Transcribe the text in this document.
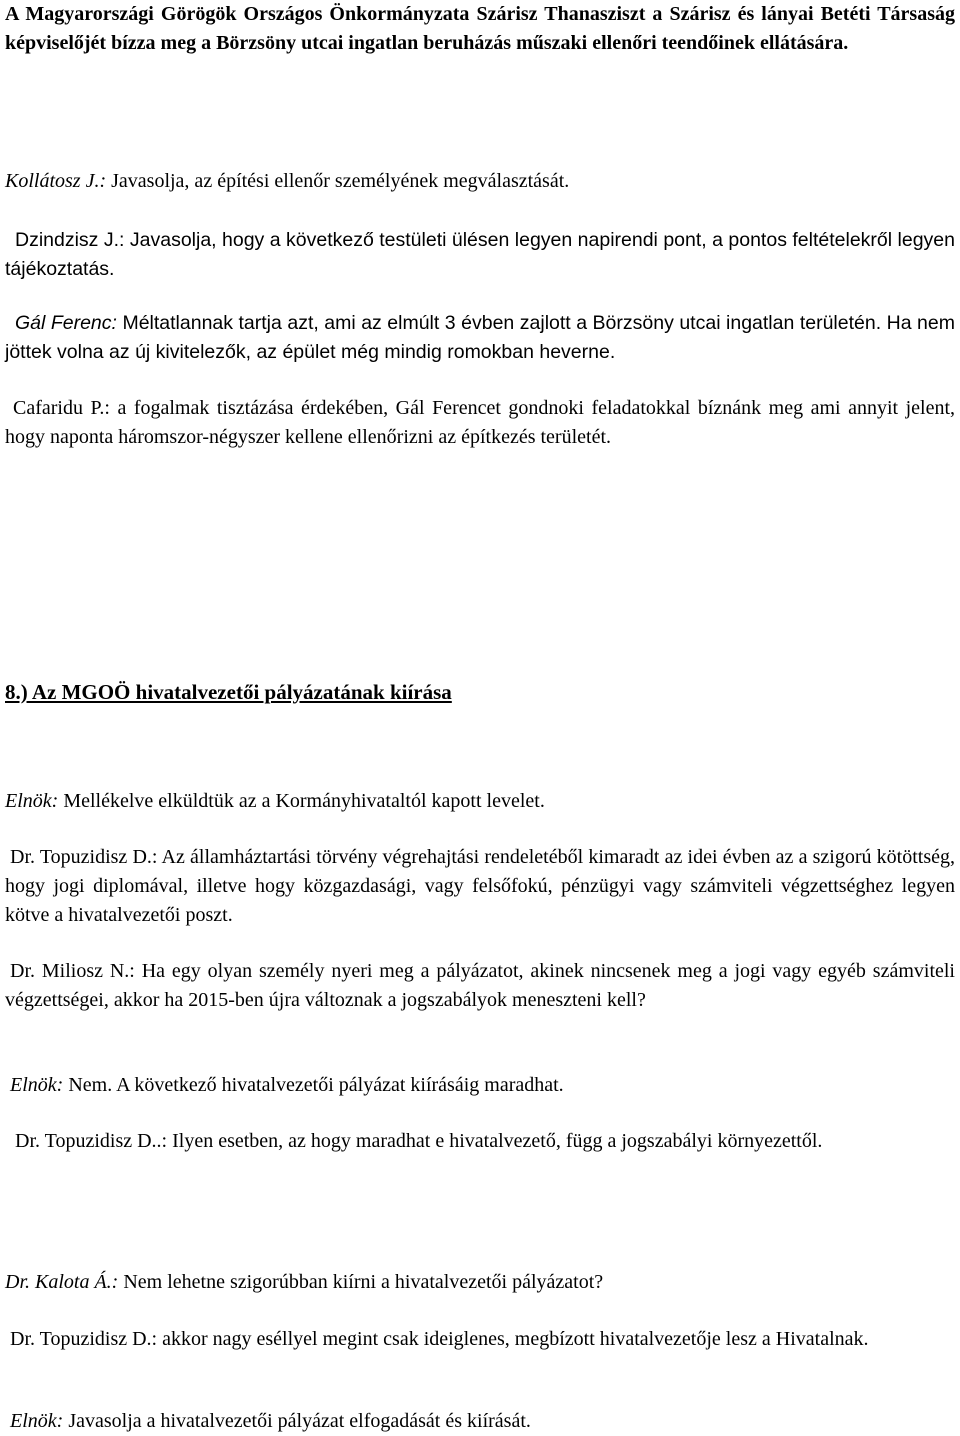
A Magyarországi Görögök Országos Önkormányzata Szárisz Thanasziszt a Szárisz és lányai Betéti Társaság képviselőjét bízza meg a Börzsöny utcai ingatlan beruházás műszaki ellenőri teendőinek ellátására.

Kollátosz J.: Javasolja, az építési ellenőr személyének megválasztását.

Dzindzisz J.: Javasolja, hogy a következő testületi ülésen legyen napirendi pont, a pontos feltételekről legyen tájékoztatás.

Gál Ferenc: Méltatlannak tartja azt, ami az elmúlt 3 évben zajlott a Börzsöny utcai ingatlan területén. Ha nem jöttek volna az új kivitelezők, az épület még mindig romokban heverne.

Cafaridu P.: a fogalmak tisztázása érdekében, Gál Ferencet gondnoki feladatokkal bíznánk meg ami annyit jelent, hogy naponta háromszor-négyszer kellene ellenőrizni az építkezés területét.

8.) Az MGOÖ hivatalvezetői pályázatának kiírása

Elnök: Mellékelve elküldtük az a Kormányhivataltól kapott levelet.

Dr. Topuzidisz D.: Az államháztartási törvény végrehajtási rendeletéből kimaradt az idei évben az a szigorú kötöttség, hogy jogi diplomával, illetve hogy közgazdasági, vagy felsőfokú, pénzügyi vagy számviteli végzettséghez legyen kötve a hivatalvezetői poszt.

Dr. Miliosz N.: Ha egy olyan személy nyeri meg a pályázatot, akinek nincsenek meg a jogi vagy egyéb számviteli végzettségei, akkor ha 2015-ben újra változnak a jogszabályok meneszteni kell?

Elnök: Nem. A következő hivatalvezetői pályázat kiírásáig maradhat.

Dr. Topuzidisz D..: Ilyen esetben, az hogy maradhat e hivatalvezető, függ a jogszabályi környezettől.

Dr. Kalota Á.: Nem lehetne szigorúbban kiírni a hivatalvezetői pályázatot?

Dr. Topuzidisz D.: akkor nagy eséllyel megint csak ideiglenes, megbízott hivatalvezetője lesz a Hivatalnak.

Elnök: Javasolja a hivatalvezetői pályázat elfogadását és kiírását.
